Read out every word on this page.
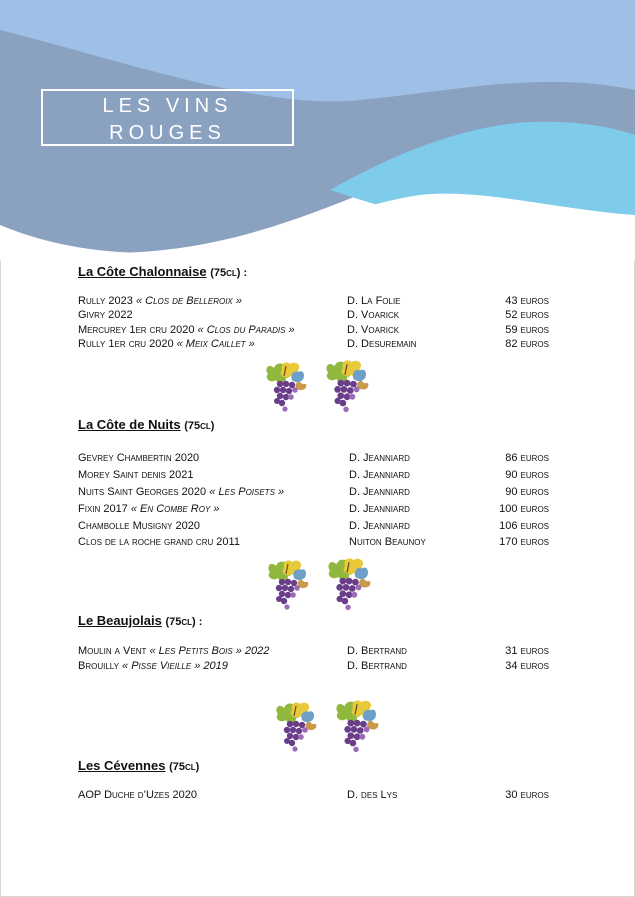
LES VINS
ROUGES
La Côte Chalonnaise (75cl) :
Rully 2023 « Clos de Belleroix »	D. La Folie	43 euros
Givry 2022	D. Voarick	52 euros
Mercurey 1er cru 2020 « Clos du Paradis »	D. Voarick	59 euros
Rully 1er cru 2020 « Meix Caillet »	D. Desuremain	82 euros
La Côte de Nuits (75cl)
Gevrey Chambertin 2020	D. Jeanniard	86 euros
Morey Saint denis 2021	D. Jeanniard	90 euros
Nuits Saint Georges 2020 « Les Poisets »	D. Jeanniard	90 euros
Fixin 2017 « En Combe Roy »	D. Jeanniard	100 euros
Chambolle Musigny 2020	D. Jeanniard	106 euros
Clos de la roche grand cru 2011	Nuiton Beaunoy	170 euros
Le Beaujolais (75cl) :
Moulin a Vent « Les Petits Bois » 2022	D. Bertrand	31 euros
Brouilly « Pisse Vieille » 2019	D. Bertrand	34 euros
Les Cévennes (75cl)
AOP Duche d’Uzes 2020	D. des Lys	30 euros
